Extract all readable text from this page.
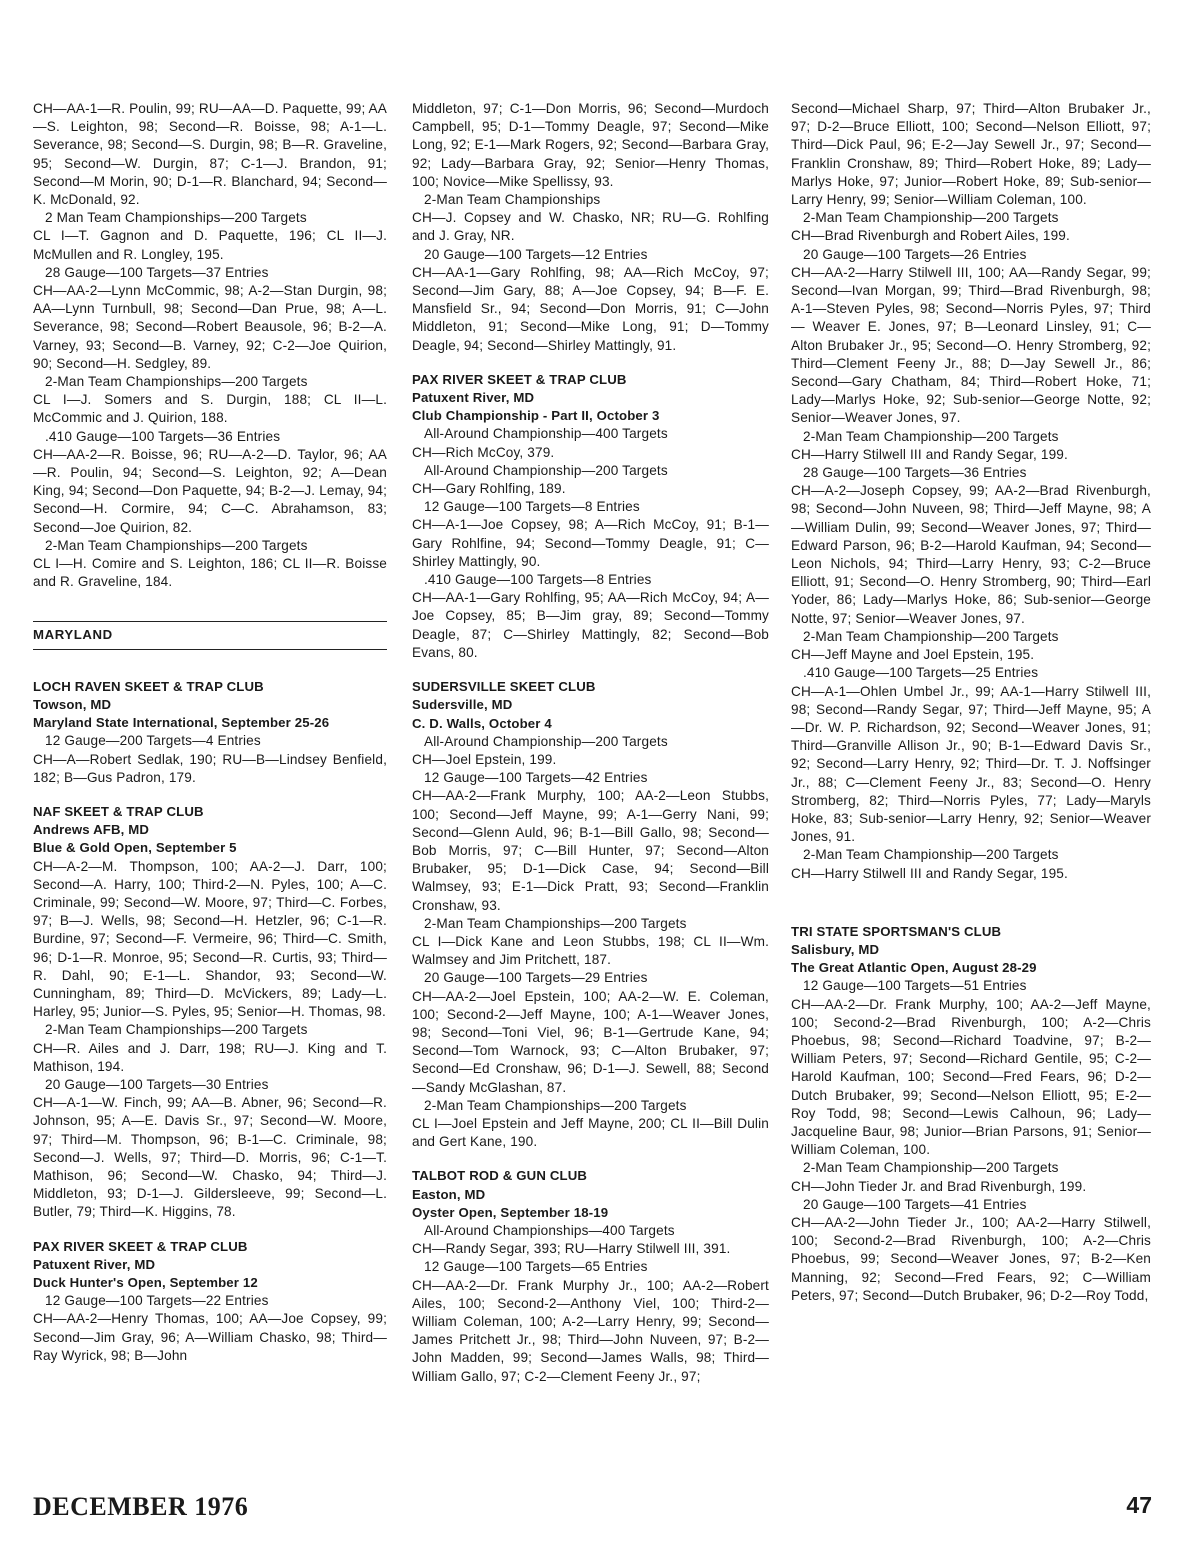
CH—AA-1—R. Poulin, 99; RU—AA—D. Paquette, 99; AA—S. Leighton, 98; Second—R. Boisse, 98; A-1—L. Severance, 98; Second—S. Durgin, 98; B—R. Graveline, 95; Second—W. Durgin, 87; C-1—J. Brandon, 91; Second—M Morin, 90; D-1—R. Blanchard, 94; Second—K. McDonald, 92.

2 Man Team Championships—200 Targets

CL I—T. Gagnon and D. Paquette, 196; CL II—J. McMullen and R. Longley, 195.

28 Gauge—100 Targets—37 Entries

CH—AA-2—Lynn McCommic, 98; A-2—Stan Durgin, 98; AA—Lynn Turnbull, 98; Second—Dan Prue, 98; A—L. Severance, 98; Second—Robert Beausole, 96; B-2—A. Varney, 93; Second—B. Varney, 92; C-2—Joe Quirion, 90; Second—H. Sedgley, 89.

2-Man Team Championships—200 Targets

CL I—J. Somers and S. Durgin, 188; CL II—L. McCommic and J. Quirion, 188.

.410 Gauge—100 Targets—36 Entries

CH—AA-2—R. Boisse, 96; RU—A-2—D. Taylor, 96; AA—R. Poulin, 94; Second—S. Leighton, 92; A—Dean King, 94; Second—Don Paquette, 94; B-2—J. Lemay, 94; Second—H. Cormire, 94; C—C. Abrahamson, 83; Second—Joe Quirion, 82.

2-Man Team Championships—200 Targets

CL I—H. Comire and S. Leighton, 186; CL II—R. Boisse and R. Graveline, 184.

MARYLAND

LOCH RAVEN SKEET & TRAP CLUB

Towson, MD

Maryland State International, September 25-26

12 Gauge—200 Targets—4 Entries

CH—A—Robert Sedlak, 190; RU—B—Lindsey Benfield, 182; B—Gus Padron, 179.

NAF SKEET & TRAP CLUB

Andrews AFB, MD

Blue & Gold Open, September 5

CH—A-2—M. Thompson, 100; AA-2—J. Darr, 100; Second—A. Harry, 100; Third-2—N. Pyles, 100; A—C. Criminale, 99; Second—W. Moore, 97; Third—C. Forbes, 97; B—J. Wells, 98; Second—H. Hetzler, 96; C-1—R. Burdine, 97; Second—F. Vermeire, 96; Third—C. Smith, 96; D-1—R. Monroe, 95; Second—R. Curtis, 93; Third—R. Dahl, 90; E-1—L. Shandor, 93; Second—W. Cunningham, 89; Third—D. McVickers, 89; Lady—L. Harley, 95; Junior—S. Pyles, 95; Senior—H. Thomas, 98.

2-Man Team Championships—200 Targets

CH—R. Ailes and J. Darr, 198; RU—J. King and T. Mathison, 194.

20 Gauge—100 Targets—30 Entries

CH—A-1—W. Finch, 99; AA—B. Abner, 96; Second—R. Johnson, 95; A—E. Davis Sr., 97; Second—W. Moore, 97; Third—M. Thompson, 96; B-1—C. Criminale, 98; Second—J. Wells, 97; Third—D. Morris, 96; C-1—T. Mathison, 96; Second—W. Chasko, 94; Third—J. Middleton, 93; D-1—J. Gildersleeve, 99; Second—L. Butler, 79; Third—K. Higgins, 78.

PAX RIVER SKEET & TRAP CLUB

Patuxent River, MD

Duck Hunter's Open, September 12

12 Gauge—100 Targets—22 Entries

CH—AA-2—Henry Thomas, 100; AA—Joe Copsey, 99; Second—Jim Gray, 96; A—William Chasko, 98; Third—Ray Wyrick, 98; B—John

Middleton, 97; C-1—Don Morris, 96; Second—Murdoch Campbell, 95; D-1—Tommy Deagle, 97; Second—Mike Long, 92; E-1—Mark Rogers, 92; Second—Barbara Gray, 92; Lady—Barbara Gray, 92; Senior—Henry Thomas, 100; Novice—Mike Spellissy, 93.

2-Man Team Championships

CH—J. Copsey and W. Chasko, NR; RU—G. Rohlfing and J. Gray, NR.

20 Gauge—100 Targets—12 Entries

CH—AA-1—Gary Rohlfing, 98; AA—Rich McCoy, 97; Second—Jim Gary, 88; A—Joe Copsey, 94; B—F. E. Mansfield Sr., 94; Second—Don Morris, 91; C—John Middleton, 91; Second—Mike Long, 91; D—Tommy Deagle, 94; Second—Shirley Mattingly, 91.

PAX RIVER SKEET & TRAP CLUB

Patuxent River, MD

Club Championship - Part II, October 3

All-Around Championship—400 Targets

CH—Rich McCoy, 379.

All-Around Championship—200 Targets

CH—Gary Rohlfing, 189.

12 Gauge—100 Targets—8 Entries

CH—A-1—Joe Copsey, 98; A—Rich McCoy, 91; B-1—Gary Rohlfine, 94; Second—Tommy Deagle, 91; C—Shirley Mattingly, 90.

.410 Gauge—100 Targets—8 Entries

CH—AA-1—Gary Rohlfing, 95; AA—Rich McCoy, 94; A—Joe Copsey, 85; B—Jim gray, 89; Second—Tommy Deagle, 87; C—Shirley Mattingly, 82; Second—Bob Evans, 80.

SUDERSVILLE SKEET CLUB

Sudersville, MD

C. D. Walls, October 4

All-Around Championship—200 Targets

CH—Joel Epstein, 199.

12 Gauge—100 Targets—42 Entries

CH—AA-2—Frank Murphy, 100; AA-2—Leon Stubbs, 100; Second—Jeff Mayne, 99; A-1—Gerry Nani, 99; Second—Glenn Auld, 96; B-1—Bill Gallo, 98; Second—Bob Morris, 97; C—Bill Hunter, 97; Second—Alton Brubaker, 95; D-1—Dick Case, 94; Second—Bill Walmsey, 93; E-1—Dick Pratt, 93; Second—Franklin Cronshaw, 93.

2-Man Team Championships—200 Targets

CL I—Dick Kane and Leon Stubbs, 198; CL II—Wm. Walmsey and Jim Pritchett, 187.

20 Gauge—100 Targets—29 Entries

CH—AA-2—Joel Epstein, 100; AA-2—W. E. Coleman, 100; Second-2—Jeff Mayne, 100; A-1—Weaver Jones, 98; Second—Toni Viel, 96; B-1—Gertrude Kane, 94; Second—Tom Warnock, 93; C—Alton Brubaker, 97; Second—Ed Cronshaw, 96; D-1—J. Sewell, 88; Second—Sandy McGlashan, 87.

2-Man Team Championships—200 Targets

CL I—Joel Epstein and Jeff Mayne, 200; CL II—Bill Dulin and Gert Kane, 190.

TALBOT ROD & GUN CLUB

Easton, MD

Oyster Open, September 18-19

All-Around Championships—400 Targets

CH—Randy Segar, 393; RU—Harry Stilwell III, 391.

12 Gauge—100 Targets—65 Entries

CH—AA-2—Dr. Frank Murphy Jr., 100; AA-2—Robert Ailes, 100; Second-2—Anthony Viel, 100; Third-2—William Coleman, 100; A-2—Larry Henry, 99; Second—James Pritchett Jr., 98; Third—John Nuveen, 97; B-2—John Madden, 99; Second—James Walls, 98; Third—William Gallo, 97; C-2—Clement Feeny Jr., 97;

Second—Michael Sharp, 97; Third—Alton Brubaker Jr., 97; D-2—Bruce Elliott, 100; Second—Nelson Elliott, 97; Third—Dick Paul, 96; E-2—Jay Sewell Jr., 97; Second—Franklin Cronshaw, 89; Third—Robert Hoke, 89; Lady—Marlys Hoke, 97; Junior—Robert Hoke, 89; Sub-senior—Larry Henry, 99; Senior—William Coleman, 100.

2-Man Team Championship—200 Targets

CH—Brad Rivenburgh and Robert Ailes, 199.

20 Gauge—100 Targets—26 Entries

CH—AA-2—Harry Stilwell III, 100; AA—Randy Segar, 99; Second—Ivan Morgan, 99; Third—Brad Rivenburgh, 98; A-1—Steven Pyles, 98; Second—Norris Pyles, 97; Third — Weaver E. Jones, 97; B—Leonard Linsley, 91; C—Alton Brubaker Jr., 95; Second—O. Henry Stromberg, 92; Third—Clement Feeny Jr., 88; D—Jay Sewell Jr., 86; Second—Gary Chatham, 84; Third—Robert Hoke, 71; Lady—Marlys Hoke, 92; Sub-senior—George Notte, 92; Senior—Weaver Jones, 97.

2-Man Team Championship—200 Targets

CH—Harry Stilwell III and Randy Segar, 199.

28 Gauge—100 Targets—36 Entries

CH—A-2—Joseph Copsey, 99; AA-2—Brad Rivenburgh, 98; Second—John Nuveen, 98; Third—Jeff Mayne, 98; A—William Dulin, 99; Second—Weaver Jones, 97; Third—Edward Parson, 96; B-2—Harold Kaufman, 94; Second—Leon Nichols, 94; Third—Larry Henry, 93; C-2—Bruce Elliott, 91; Second—O. Henry Stromberg, 90; Third—Earl Yoder, 86; Lady—Marlys Hoke, 86; Sub-senior—George Notte, 97; Senior—Weaver Jones, 97.

2-Man Team Championship—200 Targets

CH—Jeff Mayne and Joel Epstein, 195.

.410 Gauge—100 Targets—25 Entries

CH—A-1—Ohlen Umbel Jr., 99; AA-1—Harry Stilwell III, 98; Second—Randy Segar, 97; Third—Jeff Mayne, 95; A—Dr. W. P. Richardson, 92; Second—Weaver Jones, 91; Third—Granville Allison Jr., 90; B-1—Edward Davis Sr., 92; Second—Larry Henry, 92; Third—Dr. T. J. Noffsinger Jr., 88; C—Clement Feeny Jr., 83; Second—O. Henry Stromberg, 82; Third—Norris Pyles, 77; Lady—Maryls Hoke, 83; Sub-senior—Larry Henry, 92; Senior—Weaver Jones, 91.

2-Man Team Championship—200 Targets

CH—Harry Stilwell III and Randy Segar, 195.

TRI STATE SPORTSMAN'S CLUB

Salisbury, MD

The Great Atlantic Open, August 28-29

12 Gauge—100 Targets—51 Entries

CH—AA-2—Dr. Frank Murphy, 100; AA-2—Jeff Mayne, 100; Second-2—Brad Rivenburgh, 100; A-2—Chris Phoebus, 98; Second—Richard Toadvine, 97; B-2—William Peters, 97; Second—Richard Gentile, 95; C-2—Harold Kaufman, 100; Second—Fred Fears, 96; D-2—Dutch Brubaker, 99; Second—Nelson Elliott, 95; E-2—Roy Todd, 98; Second—Lewis Calhoun, 96; Lady—Jacqueline Baur, 98; Junior—Brian Parsons, 91; Senior—William Coleman, 100.

2-Man Team Championship—200 Targets

CH—John Tieder Jr. and Brad Rivenburgh, 199.

20 Gauge—100 Targets—41 Entries

CH—AA-2—John Tieder Jr., 100; AA-2—Harry Stilwell, 100; Second-2—Brad Rivenburgh, 100; A-2—Chris Phoebus, 99; Second—Weaver Jones, 97; B-2—Ken Manning, 92; Second—Fred Fears, 92; C—William Peters, 97; Second—Dutch Brubaker, 96; D-2—Roy Todd,

DECEMBER 1976	47
